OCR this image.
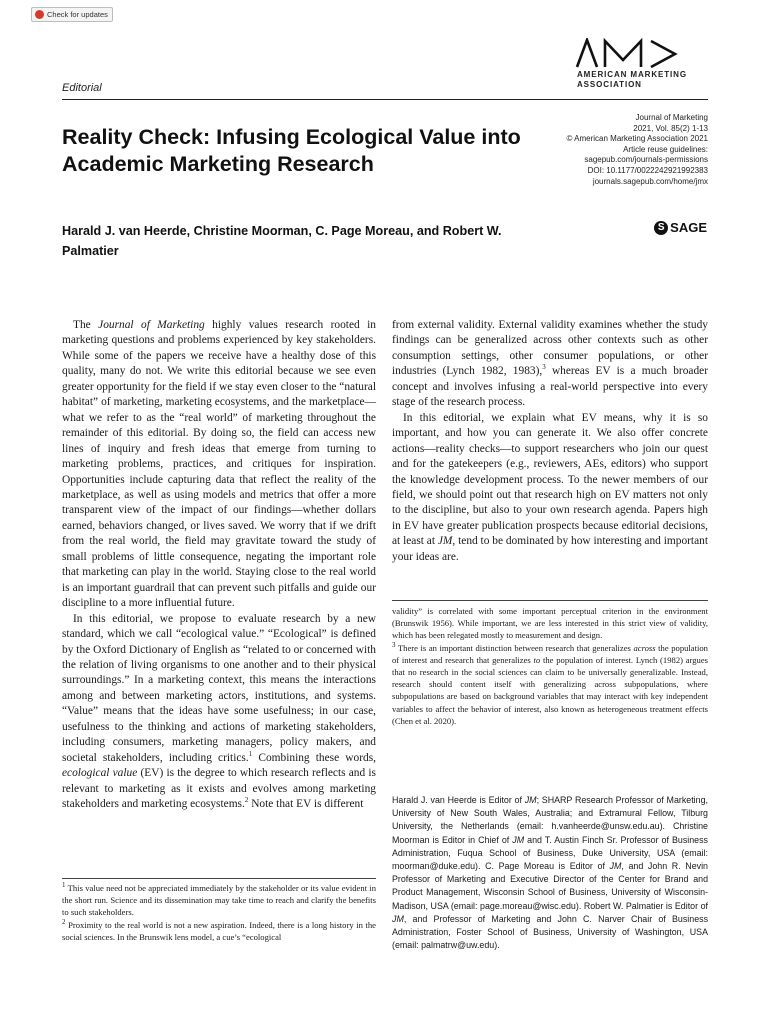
Check for updates
AMERICAN MARKETING
ASSOCIATION
Editorial
Reality Check: Infusing Ecological Value into Academic Marketing Research
Journal of Marketing
2021, Vol. 85(2) 1-13
© American Marketing Association 2021
Article reuse guidelines:
sagepub.com/journals-permissions
DOI: 10.1177/0022242921992383
journals.sagepub.com/home/jmx
S SAGE
Harald J. van Heerde, Christine Moorman, C. Page Moreau, and Robert W. Palmatier

The Journal of Marketing highly values research rooted in marketing questions and problems experienced by key stakeholders. While some of the papers we receive have a healthy dose of this quality, many do not. We write this editorial because we see even greater opportunity for the field if we stay even closer to the “natural habitat” of marketing, marketing ecosystems, and the marketplace—what we refer to as the “real world” of marketing throughout the remainder of this editorial. By doing so, the field can access new lines of inquiry and fresh ideas that emerge from turning to marketing problems, practices, and critiques for inspiration. Opportunities include capturing data that reflect the reality of the marketplace, as well as using models and metrics that offer a more transparent view of the impact of our findings—whether dollars earned, behaviors changed, or lives saved. We worry that if we drift from the real world, the field may gravitate toward the study of small problems of little consequence, negating the important role that marketing can play in the world. Staying close to the real world is an important guardrail that can prevent such pitfalls and guide our discipline to a more influential future.

In this editorial, we propose to evaluate research by a new standard, which we call “ecological value.” “Ecological” is defined by the Oxford Dictionary of English as “related to or concerned with the relation of living organisms to one another and to their physical surroundings.” In a marketing context, this means the interactions among and between marketing actors, institutions, and systems. “Value” means that the ideas have some usefulness; in our case, usefulness to the thinking and actions of marketing stakeholders, including consumers, marketing managers, policy makers, and societal stakeholders, including critics.$^1$ Combining these words, ecological value (EV) is the degree to which research reflects and is relevant to marketing as it exists and evolves among marketing stakeholders and marketing ecosystems.$^2$ Note that EV is different

$^1$ This value need not be appreciated immediately by the stakeholder or its value evident in the short run. Science and its dissemination may take time to reach and clarify the benefits to such stakeholders.

$^2$ Proximity to the real world is not a new aspiration. Indeed, there is a long history in the social sciences. In the Brunswik lens model, a cue’s “ecological

from external validity. External validity examines whether the study findings can be generalized across other contexts such as other consumption settings, other consumer populations, or other industries (Lynch 1982, 1983),$^3$ whereas EV is a much broader concept and involves infusing a real-world perspective into every stage of the research process.

In this editorial, we explain what EV means, why it is so important, and how you can generate it. We also offer concrete actions—reality checks—to support researchers who join our quest and for the gatekeepers (e.g., reviewers, AEs, editors) who support the knowledge development process. To the newer members of our field, we should point out that research high on EV matters not only to the discipline, but also to your own research agenda. Papers high in EV have greater publication prospects because editorial decisions, at least at JM, tend to be dominated by how interesting and important your ideas are.

validity” is correlated with some important perceptual criterion in the environment (Brunswik 1956). While important, we are less interested in this strict view of validity, which has been relegated mostly to measurement and design.

$^3$ There is an important distinction between research that generalizes across the population of interest and research that generalizes to the population of interest. Lynch (1982) argues that no research in the social sciences can claim to be universally generalizable. Instead, research should content itself with generalizing across subpopulations, where subpopulations are based on background variables that may interact with key independent variables to affect the behavior of interest, also known as heterogeneous treatment effects (Chen et al. 2020).

Harald J. van Heerde is Editor of JM; SHARP Research Professor of Marketing, University of New South Wales, Australia; and Extramural Fellow, Tilburg University, the Netherlands (email: h.vanheerde@unsw.edu.au). Christine Moorman is Editor in Chief of JM and T. Austin Finch Sr. Professor of Business Administration, Fuqua School of Business, Duke University, USA (email: moorman@duke.edu). C. Page Moreau is Editor of JM, and John R. Nevin Professor of Marketing and Executive Director of the Center for Brand and Product Management, Wisconsin School of Business, University of Wisconsin-Madison, USA (email: page.moreau@wisc.edu). Robert W. Palmatier is Editor of JM, and Professor of Marketing and John C. Narver Chair of Business Administration, Foster School of Business, University of Washington, USA (email: palmatrw@uw.edu).
